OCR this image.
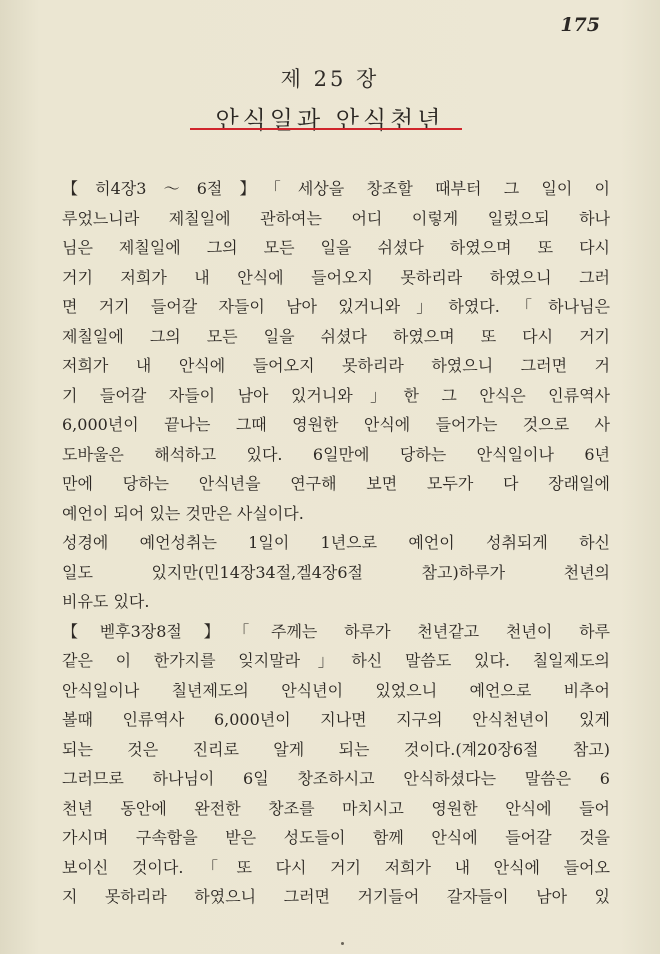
175
제 25 장
안식일과 안식천년
【히4장3～6절】「세상을 창조할 때부터 그 일이 이
루었느니라 제칠일에 관하여는 어디 이렇게 일렀으되 하나
님은 제칠일에 그의 모든 일을 쉬셨다 하였으며 또 다시
거기 저희가 내 안식에 들어오지 못하리라 하였으니 그러
면 거기 들어갈 자들이 남아 있거니와」하였다.「하나님은
제칠일에 그의 모든 일을 쉬셨다 하였으며 또 다시 거기
저희가 내 안식에 들어오지 못하리라 하였으니 그러면 거
기 들어갈 자들이 남아 있거니와」한 그 안식은 인류역사
6,000년이 끝나는 그때 영원한 안식에 들어가는 것으로 사
도바울은 해석하고 있다. 6일만에 당하는 안식일이나 6년
만에 당하는 안식년을 연구해 보면 모두가 다 장래일에
예언이 되어 있는 것만은 사실이다.
성경에 예언성취는 1일이 1년으로 예언이 성취되게 하신
일도 있지만(민14장34절,겔4장6절 참고)하루가 천년의
비유도 있다.
【벧후3장8절】「주께는 하루가 천년같고 천년이 하루
같은 이 한가지를 잊지말라」하신 말씀도 있다. 칠일제도의
안식일이나 칠년제도의 안식년이 있었으니 예언으로 비추어
볼때 인류역사 6,000년이 지나면 지구의 안식천년이 있게
되는 것은 진리로 알게 되는 것이다.(계20장6절 참고)
그러므로 하나님이 6일 창조하시고 안식하셨다는 말씀은 6
천년 동안에 완전한 창조를 마치시고 영원한 안식에 들어
가시며 구속함을 받은 성도들이 함께 안식에 들어갈 것을
보이신 것이다.「또 다시 거기 저희가 내 안식에 들어오
지 못하리라 하였으니 그러면 거기들어 갈자들이 남아 있
